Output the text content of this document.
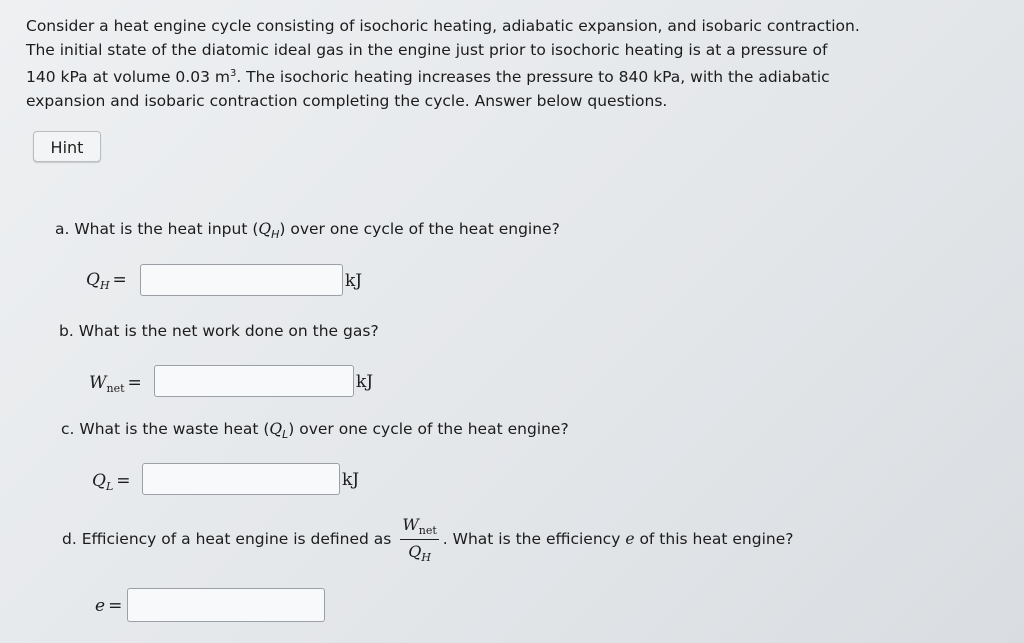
Consider a heat engine cycle consisting of isochoric heating, adiabatic expansion, and isobaric contraction.

The initial state of the diatomic ideal gas in the engine just prior to isochoric heating is at a pressure of

140 kPa at volume 0.03 $m^3$. The isochoric heating increases the pressure to 840 kPa, with the adiabatic

expansion and isobaric contraction completing the cycle. Answer below questions.

Hint
a. What is the heat input $(Q_H)$ over one cycle of the heat engine?
$Q_H$ =	kJ
b. What is the net work done on the gas?
$W_{net}$ =	kJ
c. What is the waste heat $(Q_L)$ over one cycle of the heat engine?
$Q_L$ =	kJ
d. Efficiency of a heat engine is defined as $\frac{W_{net}}{Q_H}$ . What is the efficiency e of this heat engine?
e =
